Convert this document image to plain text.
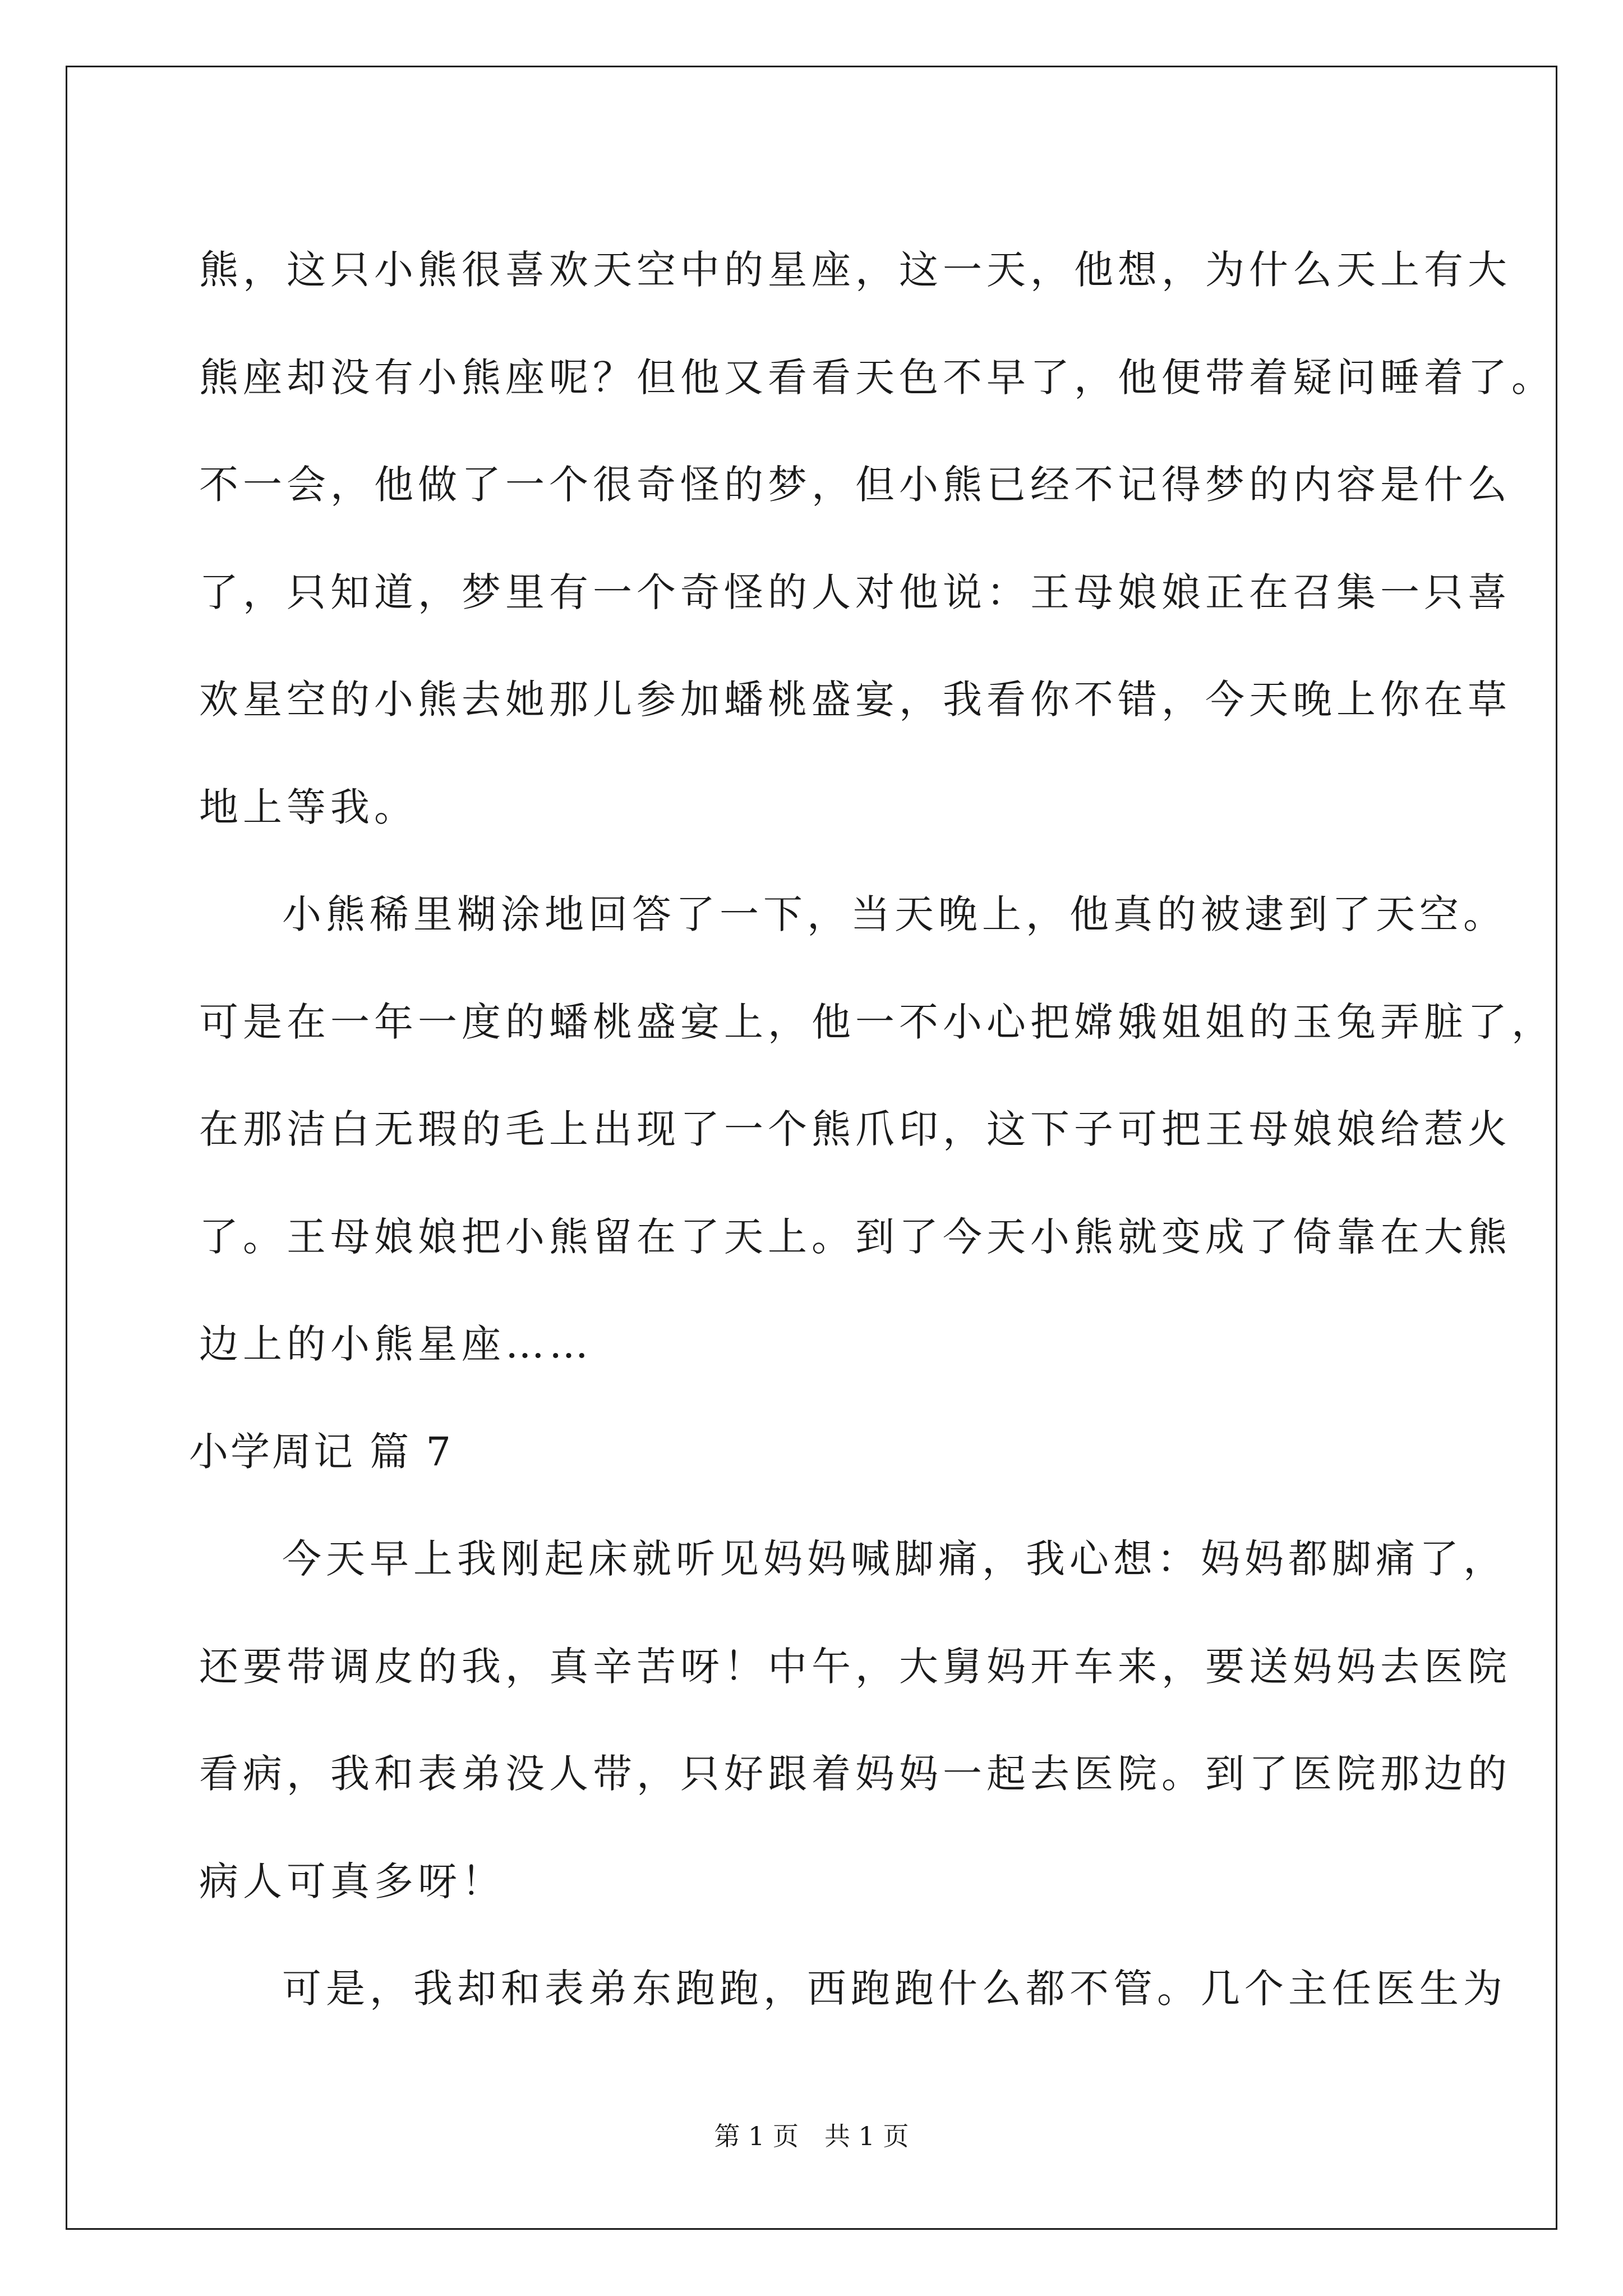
熊，这只小熊很喜欢天空中的星座，这一天，他想，为什么天上有大
熊座却没有小熊座呢？但他又看看天色不早了，他便带着疑问睡着了。
不一会，他做了一个很奇怪的梦，但小熊已经不记得梦的内容是什么
了，只知道，梦里有一个奇怪的人对他说：王母娘娘正在召集一只喜
欢星空的小熊去她那儿参加蟠桃盛宴，我看你不错，今天晚上你在草
地上等我。
小熊稀里糊涂地回答了一下，当天晚上，他真的被逮到了天空。
可是在一年一度的蟠桃盛宴上，他一不小心把嫦娥姐姐的玉兔弄脏了，
在那洁白无瑕的毛上出现了一个熊爪印，这下子可把王母娘娘给惹火
了。王母娘娘把小熊留在了天上。到了今天小熊就变成了倚靠在大熊
边上的小熊星座……
小学周记 篇 7
今天早上我刚起床就听见妈妈喊脚痛，我心想：妈妈都脚痛了，
还要带调皮的我，真辛苦呀！中午，大舅妈开车来，要送妈妈去医院
看病，我和表弟没人带，只好跟着妈妈一起去医院。到了医院那边的
病人可真多呀！
可是，我却和表弟东跑跑，西跑跑什么都不管。几个主任医生为
第 1 页　共 1 页
